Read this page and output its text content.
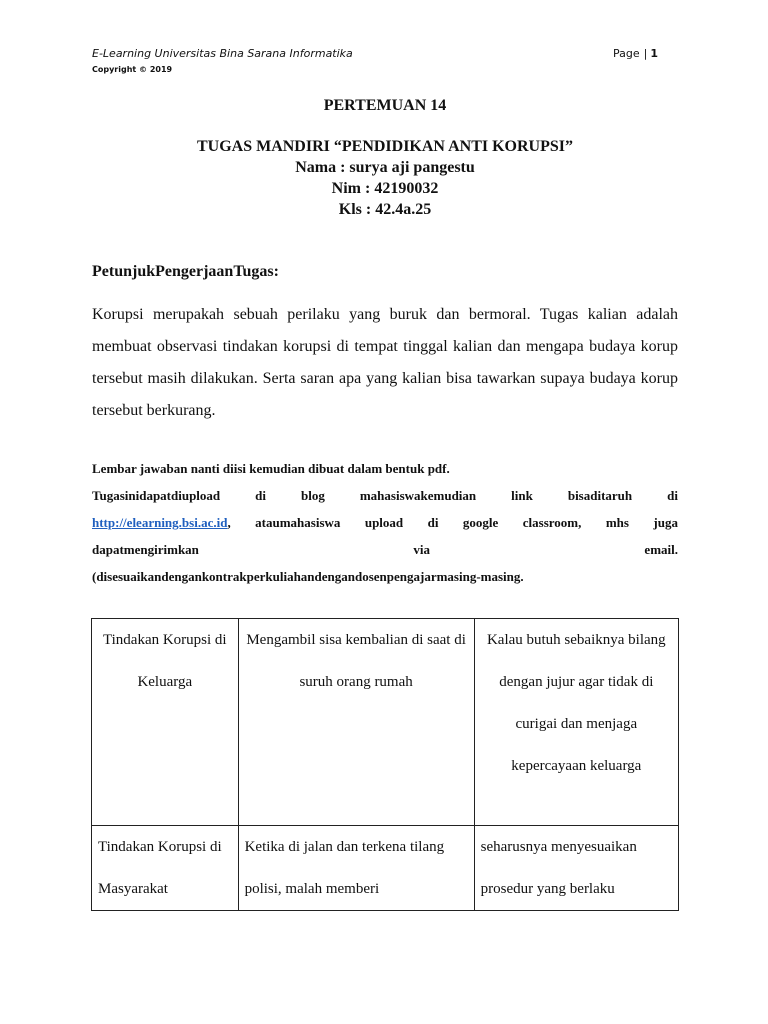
E-Learning Universitas Bina Sarana Informatika
Copyright © 2019
Page | 1
PERTEMUAN 14
TUGAS MANDIRI “PENDIDIKAN ANTI KORUPSI”
Nama : surya aji pangestu
Nim : 42190032
Kls : 42.4a.25
PetunjukPengerjaanTugas:
Korupsi merupakah sebuah perilaku yang buruk dan bermoral. Tugas kalian adalah membuat observasi tindakan korupsi di tempat tinggal kalian dan mengapa budaya korup tersebut masih dilakukan. Serta saran apa yang kalian bisa tawarkan supaya budaya korup tersebut berkurang.
Lembar jawaban nanti diisi kemudian dibuat dalam bentuk pdf.
Tugasinidapatdiupload di blog mahasiswakemudian link bisaditaruh di
http://elearning.bsi.ac.id, ataumahasiswa upload di google classroom, mhs juga
dapatmengirimkan via email.
(disesuaikandengankontrakperkuliahandengandosenpengajarmasing-masing.
Tindakan Korupsi di Keluarga	Mengambil sisa kembalian di saat di suruh orang rumah	Kalau butuh sebaiknya bilang dengan jujur agar tidak di curigai dan menjaga kepercayaan keluarga
Tindakan Korupsi di Masyarakat	Ketika di jalan dan terkena tilang polisi, malah memberi	seharusnya menyesuaikan prosedur yang berlaku
